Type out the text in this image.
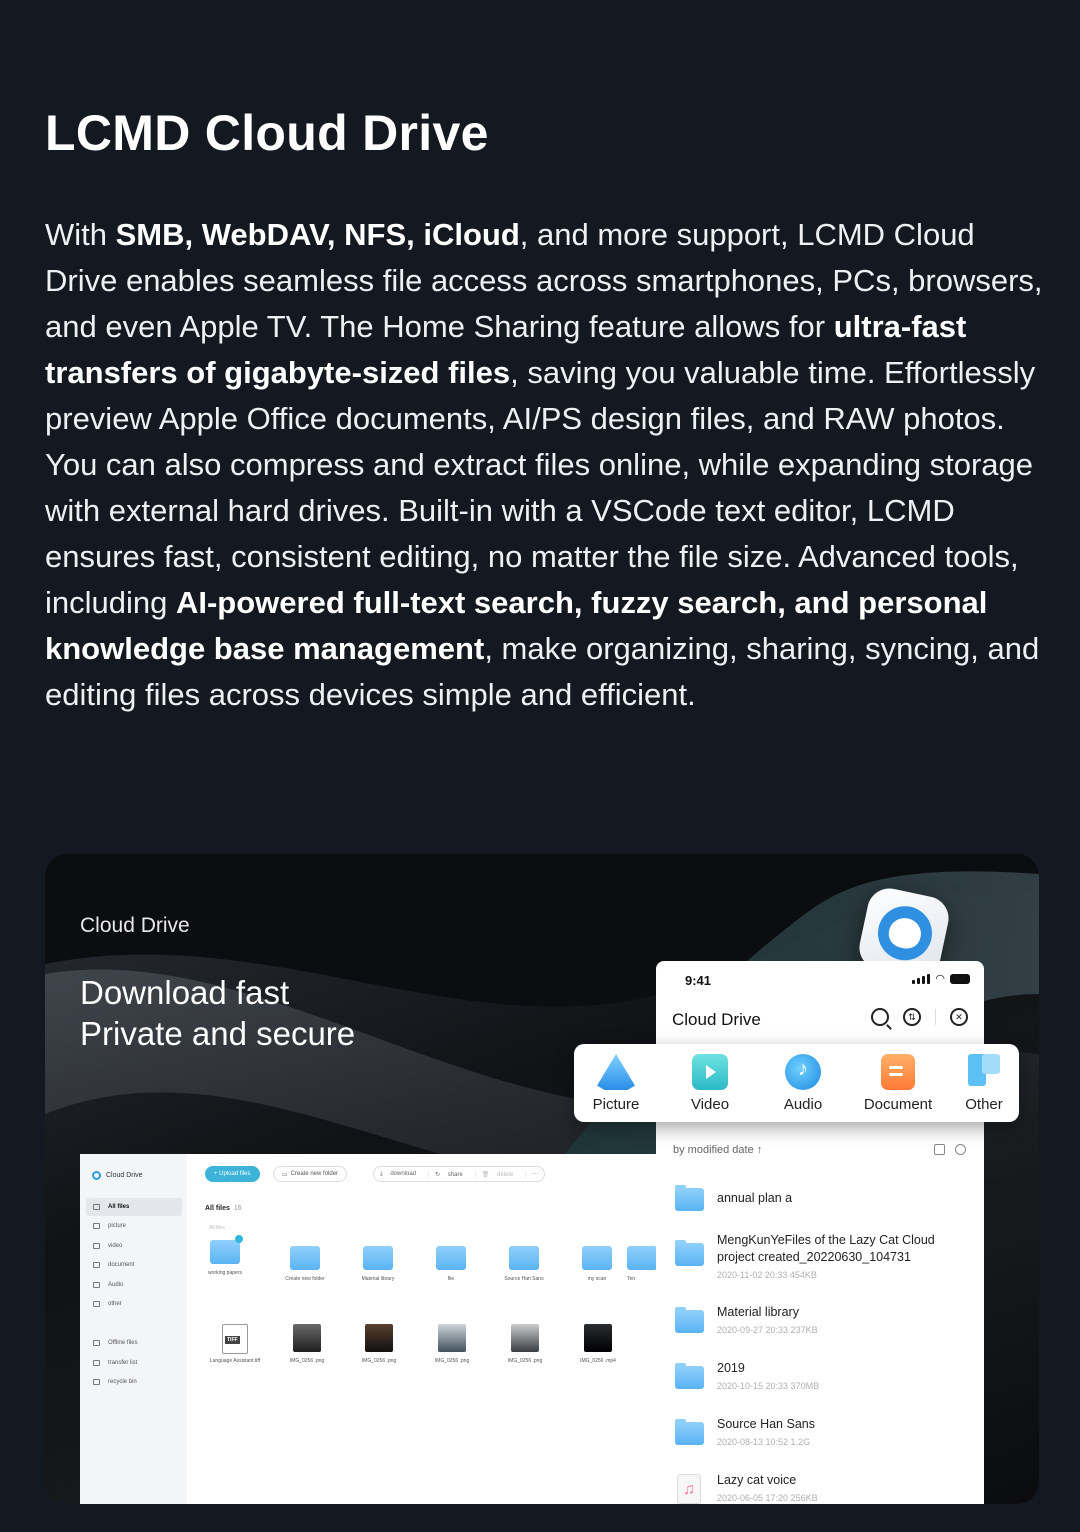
LCMD Cloud Drive
With SMB, WebDAV, NFS, iCloud, and more support, LCMD Cloud Drive enables seamless file access across smartphones, PCs, browsers, and even Apple TV. The Home Sharing feature allows for ultra-fast transfers of gigabyte-sized files, saving you valuable time. Effortlessly preview Apple Office documents, AI/PS design files, and RAW photos. You can also compress and extract files online, while expanding storage with external hard drives. Built-in with a VSCode text editor, LCMD ensures fast, consistent editing, no matter the file size. Advanced tools, including AI-powered full-text search, fuzzy search, and personal knowledge base management, make organizing, sharing, syncing, and editing files across devices simple and efficient.
Cloud Drive
Download fast
Private and secure
Cloud Drive
All files
picture
video
document
Audio
other
Offline files
transfer list
recycle bin
+ Upload files	▭ Create new folder	⤓ download	↻ share	🗑 delete	···
All files 16
All files
working papers
Create new folder	Material library	file	Source Han Sans	my scan	Ten
TIFF
Language Assistant.tiff	IMG_0256 .png	IMG_0256 .png	IMG_0256 .png	IMG_0256 .png	IMG_0256 .mp4
9:41	◠
Cloud Drive	⇅	✕
by modified date ↑
annual plan a
MengKunYeFiles of the Lazy Cat Cloud project created_20220630_104731
2020-11-02 20:33 454KB
Material library
2020-09-27 20:33 237KB
2019
2020-10-15 20:33 370MB
Source Han Sans
2020-08-13 10:52 1.2G
♫
Lazy cat voice
2020-06-05 17:20 256KB
Picture	Video
♪	Audio	Document	Other
